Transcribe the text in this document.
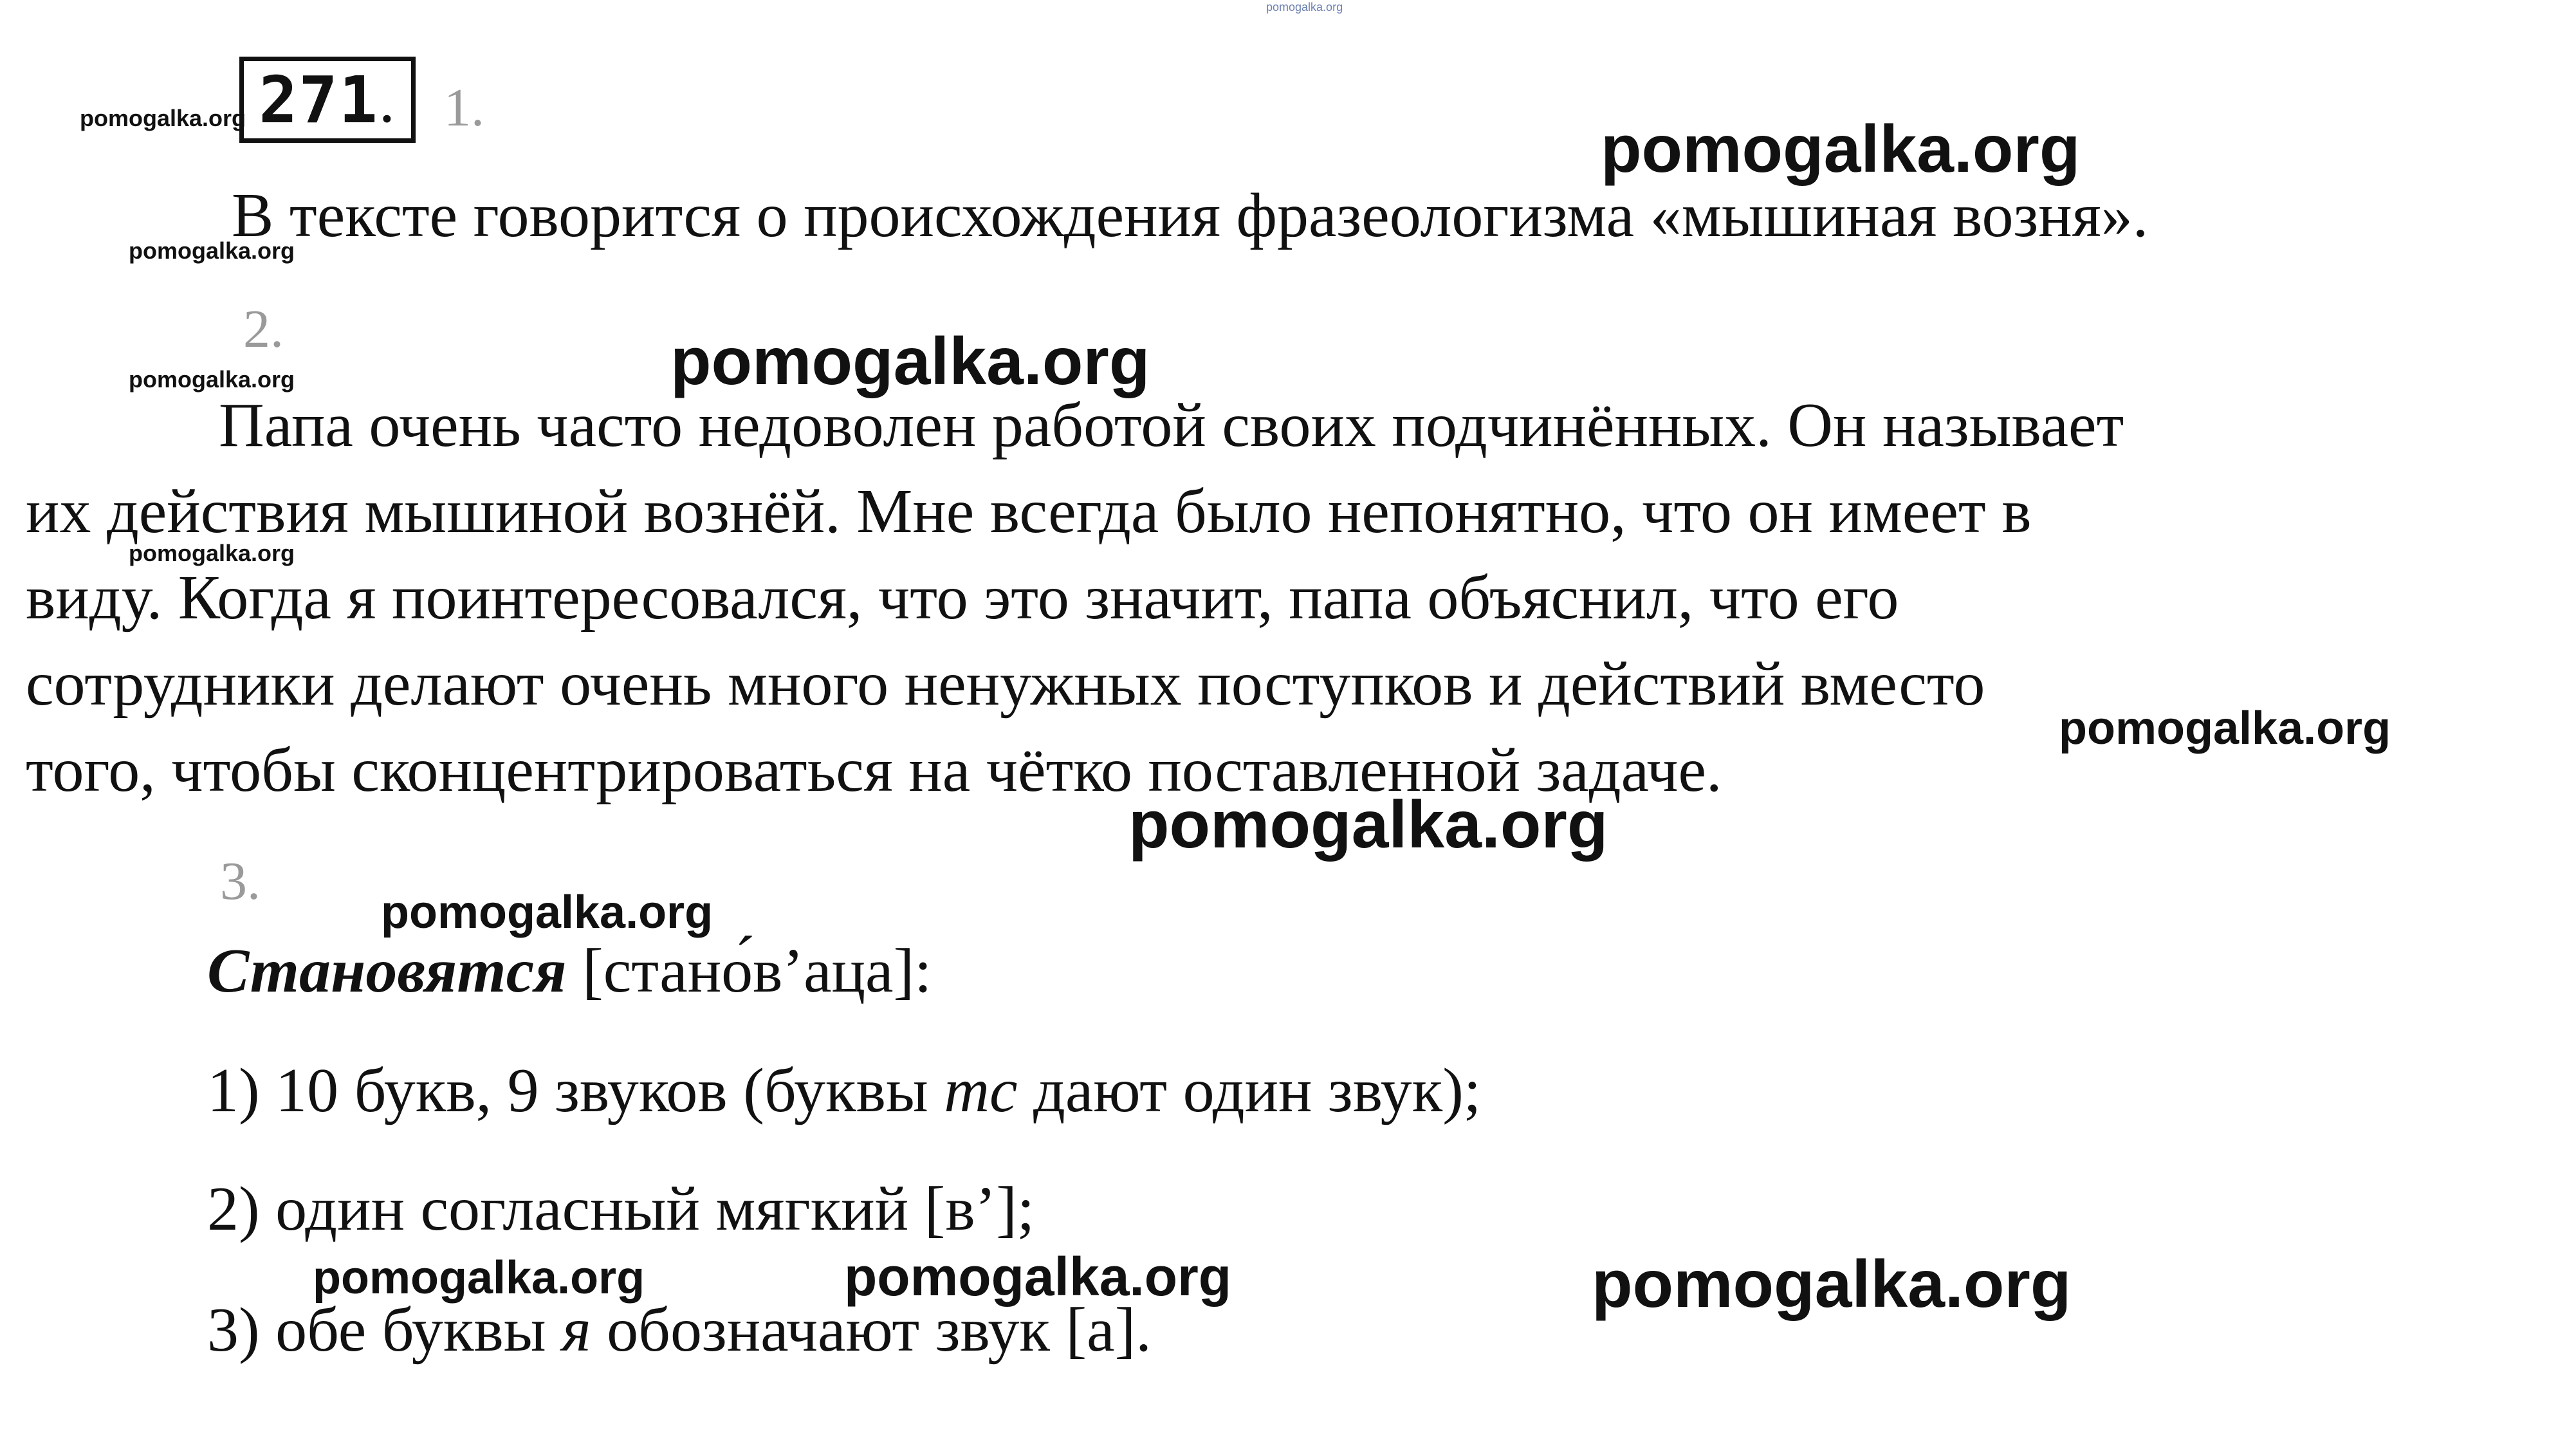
pomogalka.org
pomogalka.org 271 . 1.
pomogalka.org
В тексте говорится о происхождения фразеологизма «мышиная возня».
pomogalka.org
2.
pomogalka.org	pomogalka.org
Папа очень часто недоволен работой своих подчинённых. Он называет
их действия мышиной вознёй. Мне всегда было непонятно, что он имеет в
pomogalka.org
виду. Когда я поинтересовался, что это значит, папа объяснил, что его
сотрудники делают очень много ненужных поступков и действий вместо
pomogalka.org
того, чтобы сконцентрироваться на чётко поставленной задаче.
pomogalka.org
3.
pomogalka.org
Становятся [стано́в’аца]:
1) 10 букв, 9 звуков (буквы тс дают один звук);
2) один согласный мягкий [в’];
pomogalka.org	pomogalka.org	pomogalka.org
3) обе буквы я обозначают звук [а].
